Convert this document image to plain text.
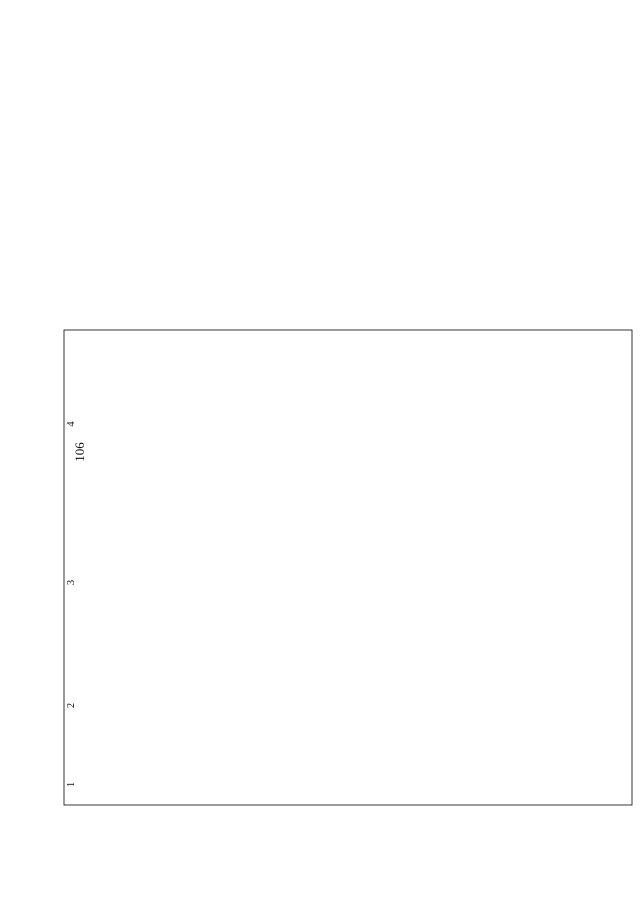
106
1
2
3
4
